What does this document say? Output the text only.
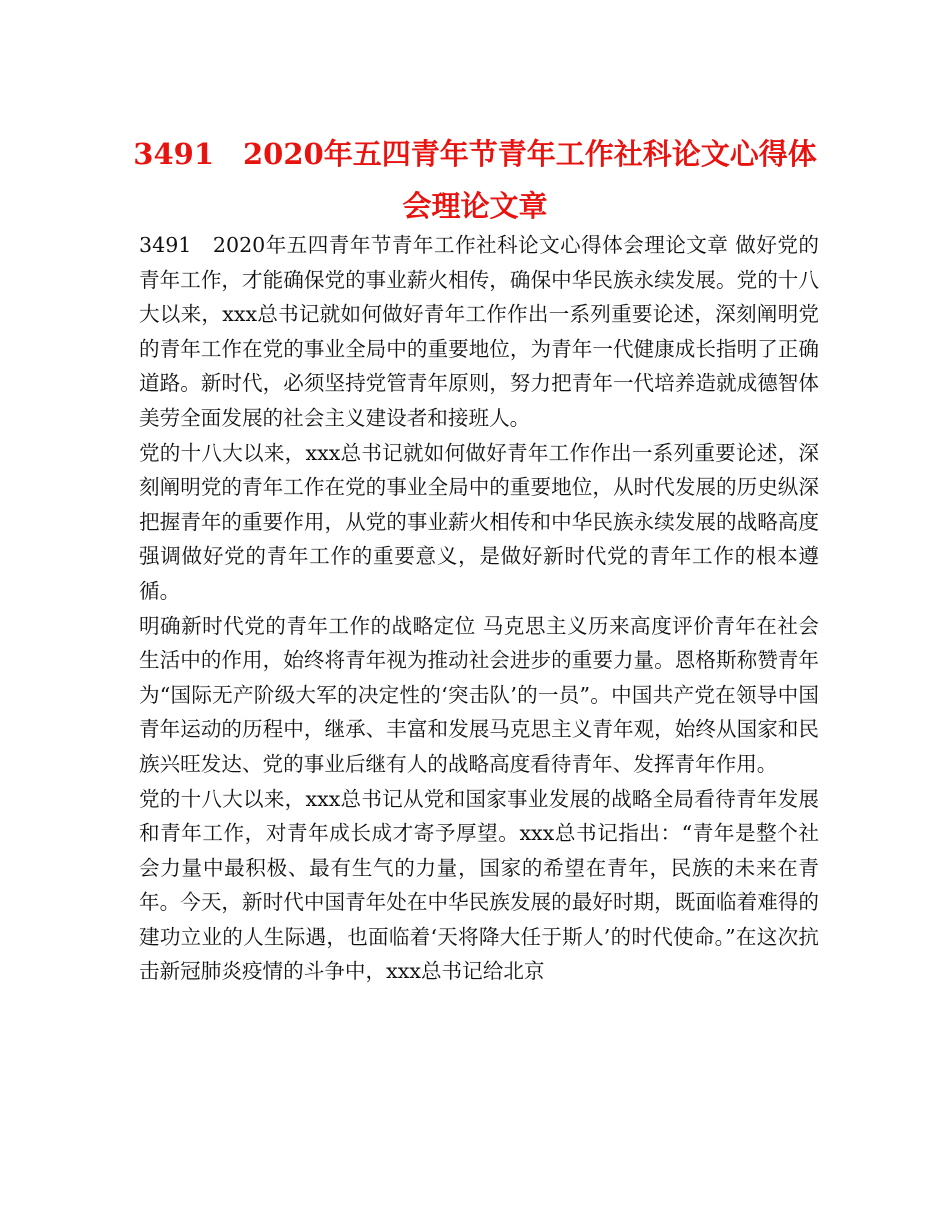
3491　2020年五四青年节青年工作社科论文心得体会理论文章

3491　2020年五四青年节青年工作社科论文心得体会理论文章 做好党的青年工作，才能确保党的事业薪火相传，确保中华民族永续发展。党的十八大以来，xxx总书记就如何做好青年工作作出一系列重要论述，深刻阐明党的青年工作在党的事业全局中的重要地位，为青年一代健康成长指明了正确道路。新时代，必须坚持党管青年原则，努力把青年一代培养造就成德智体美劳全面发展的社会主义建设者和接班人。

党的十八大以来，xxx总书记就如何做好青年工作作出一系列重要论述，深刻阐明党的青年工作在党的事业全局中的重要地位，从时代发展的历史纵深把握青年的重要作用，从党的事业薪火相传和中华民族永续发展的战略高度强调做好党的青年工作的重要意义，是做好新时代党的青年工作的根本遵循。

明确新时代党的青年工作的战略定位 马克思主义历来高度评价青年在社会生活中的作用，始终将青年视为推动社会进步的重要力量。恩格斯称赞青年为“国际无产阶级大军的决定性的‘突击队’的一员”。中国共产党在领导中国青年运动的历程中，继承、丰富和发展马克思主义青年观，始终从国家和民族兴旺发达、党的事业后继有人的战略高度看待青年、发挥青年作用。

党的十八大以来，xxx总书记从党和国家事业发展的战略全局看待青年发展和青年工作，对青年成长成才寄予厚望。xxx总书记指出：“青年是整个社会力量中最积极、最有生气的力量，国家的希望在青年，民族的未来在青年。今天，新时代中国青年处在中华民族发展的最好时期，既面临着难得的建功立业的人生际遇，也面临着‘天将降大任于斯人’的时代使命。”在这次抗击新冠肺炎疫情的斗争中，xxx总书记给北京
